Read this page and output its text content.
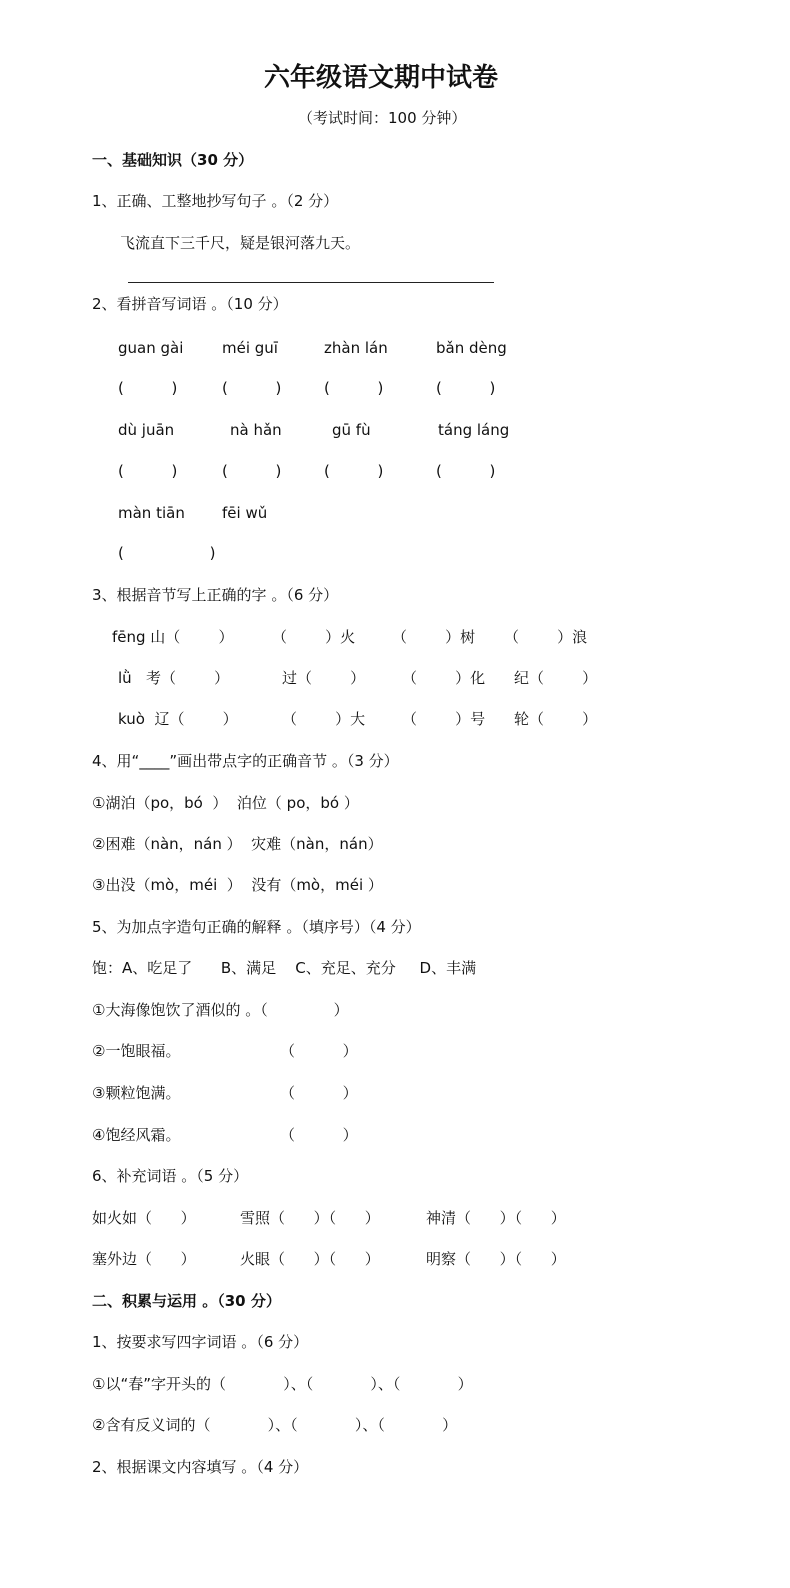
六年级语文期中试卷
（考试时间：100 分钟）
一、基础知识（30 分）
1、正确、工整地抄写句子 。（2 分）
飞流直下三千尺，疑是银河落九天。
2、看拼音写词语 。（10 分）
guan gài	méi guī	zhàn lán	bǎn dèng
(          )	(          )	(          )	(          )
dù juān	nà hǎn	gū fù	táng láng
(          )	(          )	(          )	(          )
màn tiān fēi wǔ
(                  )
3、根据音节写上正确的字 。（6 分）
fēng 山（        ）	（        ）火 （        ）树 （        ）浪
lǜ   考（        ）	过（        ） （        ）化 纪（        ）
kuò  辽（        ）	（        ）大 （        ）号 轮（        ）
4、用“____”画出带点字的正确音节 。（3 分）
①湖泊（po，bó  ）  泊位（ po，bó ）
②困难（nàn，nán ）  灾难（nàn，nán）
③出没（mò，méi  ）  没有（mò，méi ）
5、为加点字造句正确的解释 。（填序号）（4 分）
饱：A、吃足了      B、满足    C、充足、充分     D、丰满
①大海像饱饮了酒似的 。（ ）
②一饱眼福。	（          ）
③颗粒饱满。	（          ）
④饱经风霜。	（          ）
6、补充词语 。（5 分）
如火如（      ）	雪照（      ）（      ）	神清（      ）（      ）
塞外边（      ）	火眼（      ）（      ）	明察（      ）（      ）
二、积累与运用 。（30 分）
1、按要求写四字词语 。（6 分）
①以“春”字开头的（            ）、（            ）、（            ）
②含有反义词的（            ）、（            ）、（            ）
2、根据课文内容填写 。（4 分）
